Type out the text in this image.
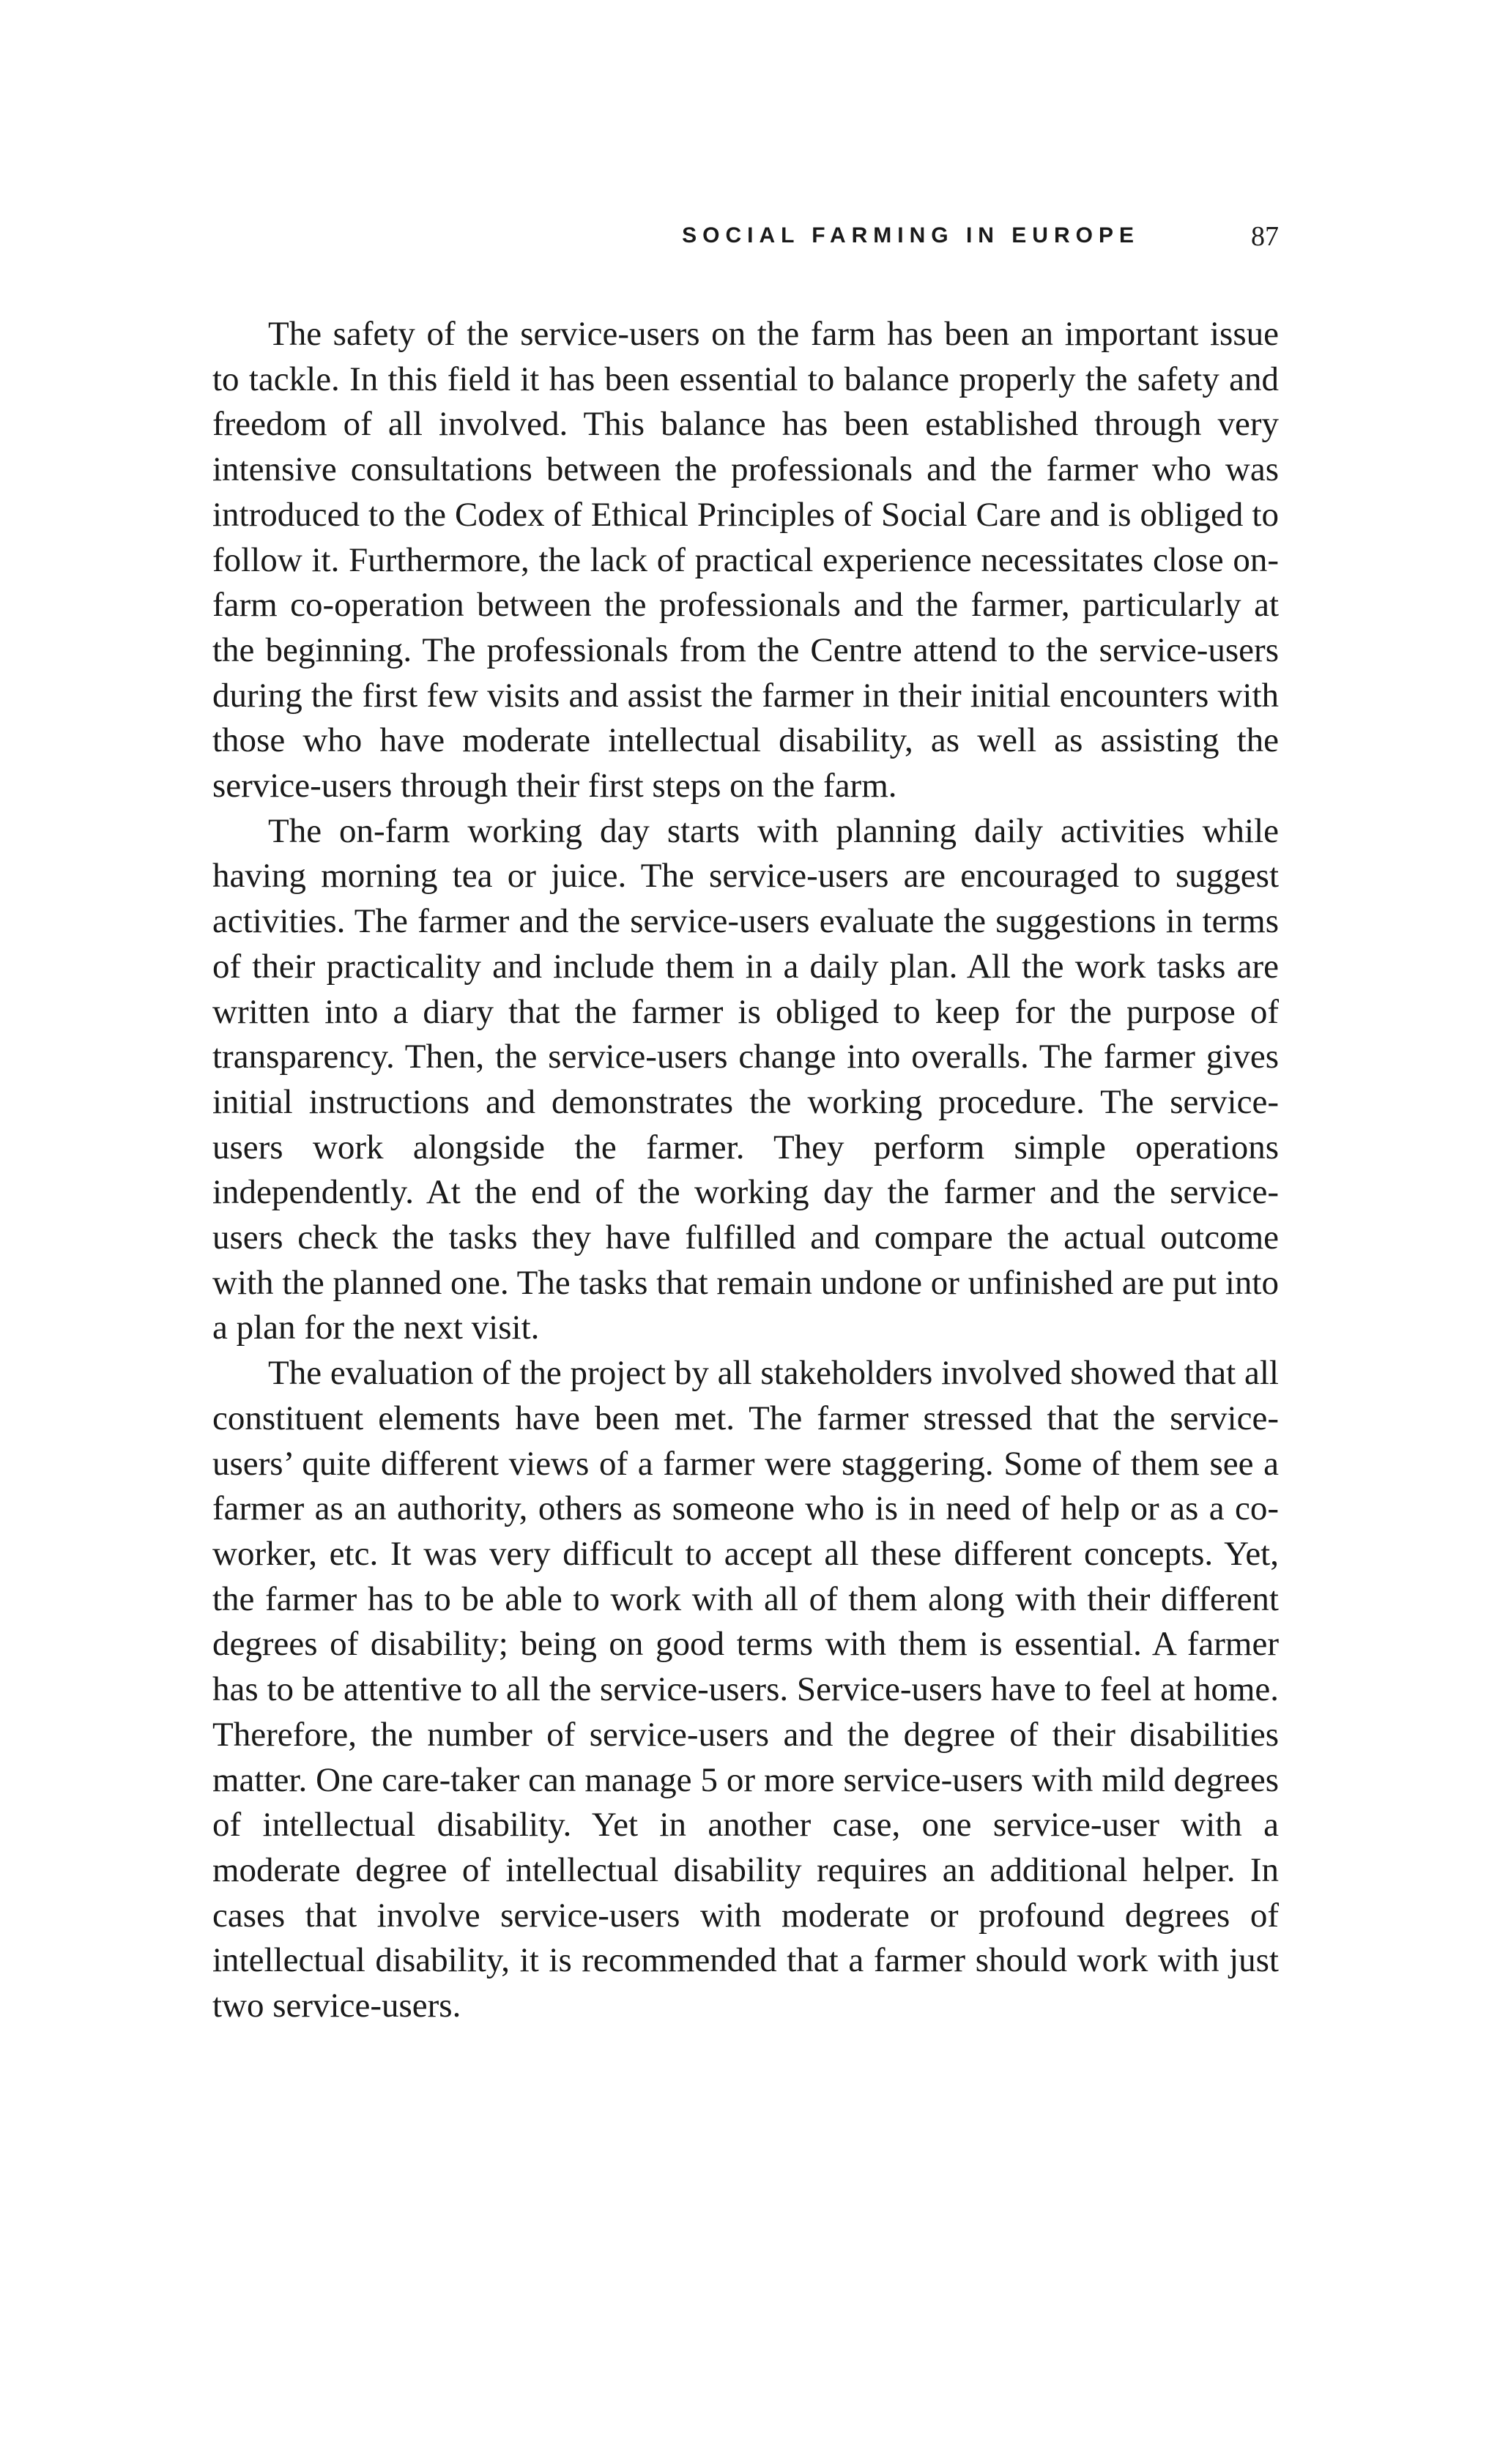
SOCIAL FARMING IN EUROPE	87

The safety of the service-users on the farm has been an important issue to tackle. In this field it has been essential to balance properly the safety and freedom of all involved. This balance has been established through very intensive consultations between the professionals and the farmer who was introduced to the Codex of Ethical Principles of Social Care and is obliged to follow it. Furthermore, the lack of practical experience necessitates close on-farm co-operation between the professionals and the farmer, particularly at the beginning. The professionals from the Centre attend to the service-users during the first few visits and assist the farmer in their initial encounters with those who have moderate intellectual disability, as well as assisting the service-users through their first steps on the farm.

The on-farm working day starts with planning daily activities while having morning tea or juice. The service-users are encouraged to suggest activities. The farmer and the service-users evaluate the suggestions in terms of their practicality and include them in a daily plan. All the work tasks are written into a diary that the farmer is obliged to keep for the purpose of transparency. Then, the service-users change into overalls. The farmer gives initial instructions and demonstrates the working procedure. The service-users work alongside the farmer. They perform simple operations independently. At the end of the working day the farmer and the service-users check the tasks they have fulfilled and compare the actual outcome with the planned one. The tasks that remain undone or unfinished are put into a plan for the next visit.

The evaluation of the project by all stakeholders involved showed that all constituent elements have been met. The farmer stressed that the service-users’ quite different views of a farmer were staggering. Some of them see a farmer as an authority, others as someone who is in need of help or as a co-worker, etc. It was very difficult to accept all these different concepts. Yet, the farmer has to be able to work with all of them along with their different degrees of disability; being on good terms with them is essential. A farmer has to be attentive to all the service-users. Service-users have to feel at home. Therefore, the number of service-users and the degree of their disabilities matter. One care-taker can manage 5 or more service-users with mild degrees of intellectual disability. Yet in another case, one service-user with a moderate degree of intellectual disability requires an additional helper. In cases that involve service-users with moderate or profound degrees of intellectual disability, it is recommended that a farmer should work with just two service-users.
